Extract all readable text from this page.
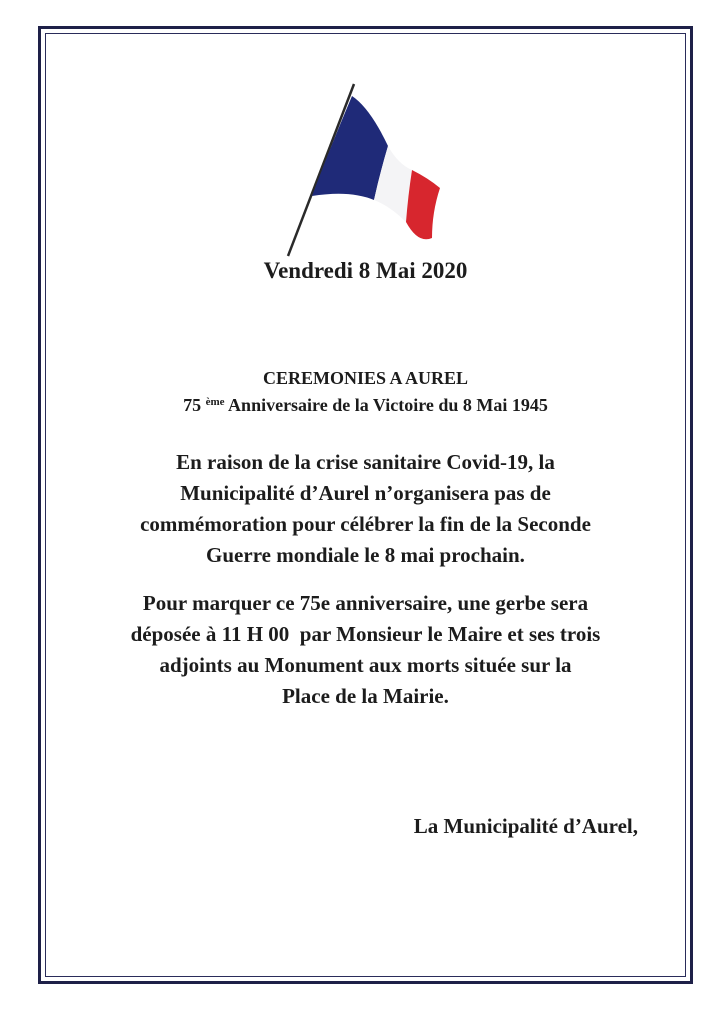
Vendredi 8 Mai 2020

CEREMONIES A AUREL
75 $^{ème}$ Anniversaire de la Victoire du 8 Mai 1945
En raison de la crise sanitaire Covid-19, la
Municipalité d’Aurel n’organisera pas de
commémoration pour célébrer la fin de la Seconde
Guerre mondiale le 8 mai prochain.
Pour marquer ce 75e anniversaire, une gerbe sera
déposée à 11 H 00  par Monsieur le Maire et ses trois
adjoints au Monument aux morts située sur la
Place de la Mairie.

La Municipalité d’Aurel,
